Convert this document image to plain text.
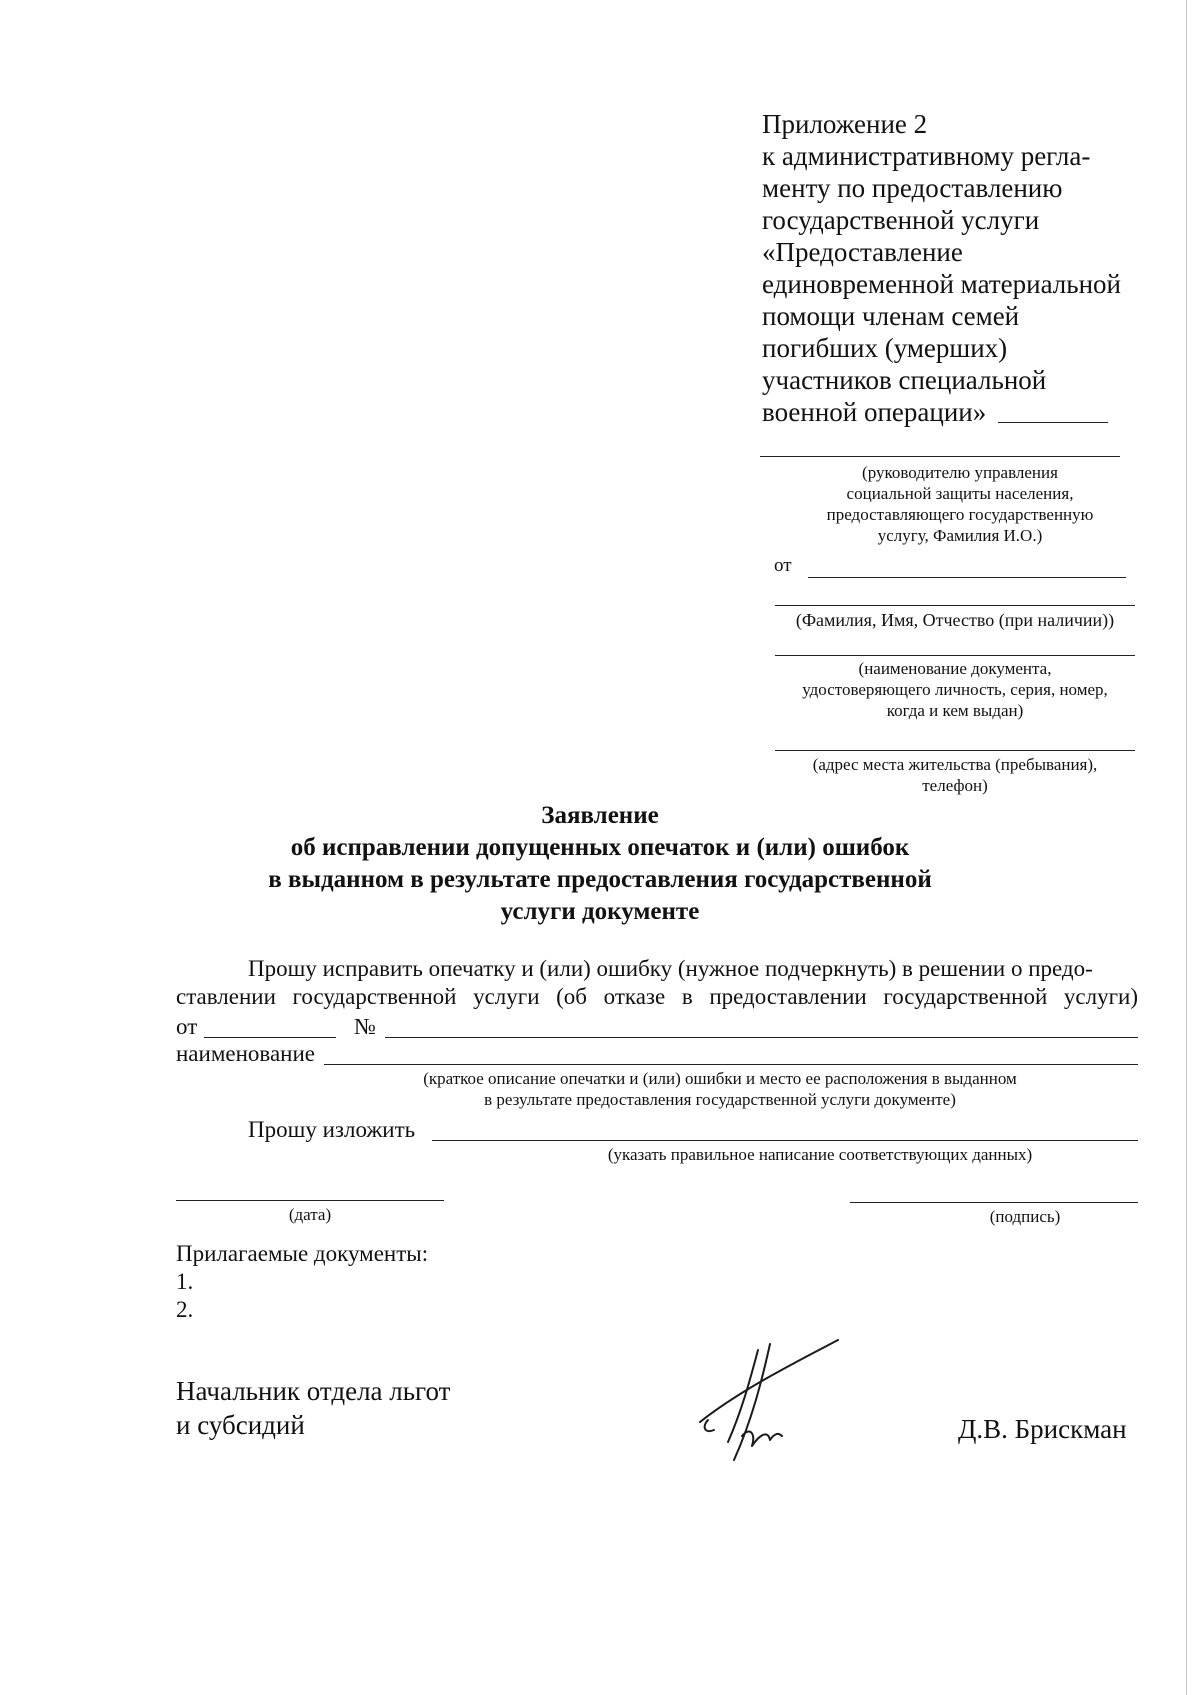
Приложение 2
к административному регла-
менту по предоставлению
государственной услуги
«Предоставление
единовременной материальной
помощи членам семей
погибших (умерших)
участников специальной
военной операции»
(руководителю управления
социальной защиты населения,
предоставляющего государственную
услугу, Фамилия И.О.)
от
(Фамилия, Имя, Отчество (при наличии))
(наименование документа,
удостоверяющего личность, серия, номер,
когда и кем выдан)
(адрес места жительства (пребывания),
телефон)
Заявление
об исправлении допущенных опечаток и (или) ошибок
в выданном в результате предоставления государственной
услуги документе
Прошу исправить опечатку и (или) ошибку (нужное подчеркнуть) в решении о предо-
ставлении государственной услуги (об отказе в предоставлении государственной услуги)
от	№
наименование
(краткое описание опечатки и (или) ошибки и место ее расположения в выданном
в результате предоставления государственной услуги документе)
Прошу изложить
(указать правильное написание соответствующих данных)
(дата)	(подпись)
Прилагаемые документы:
1.
2.
Начальник отдела льгот
и субсидий	Д.В. Брискман
